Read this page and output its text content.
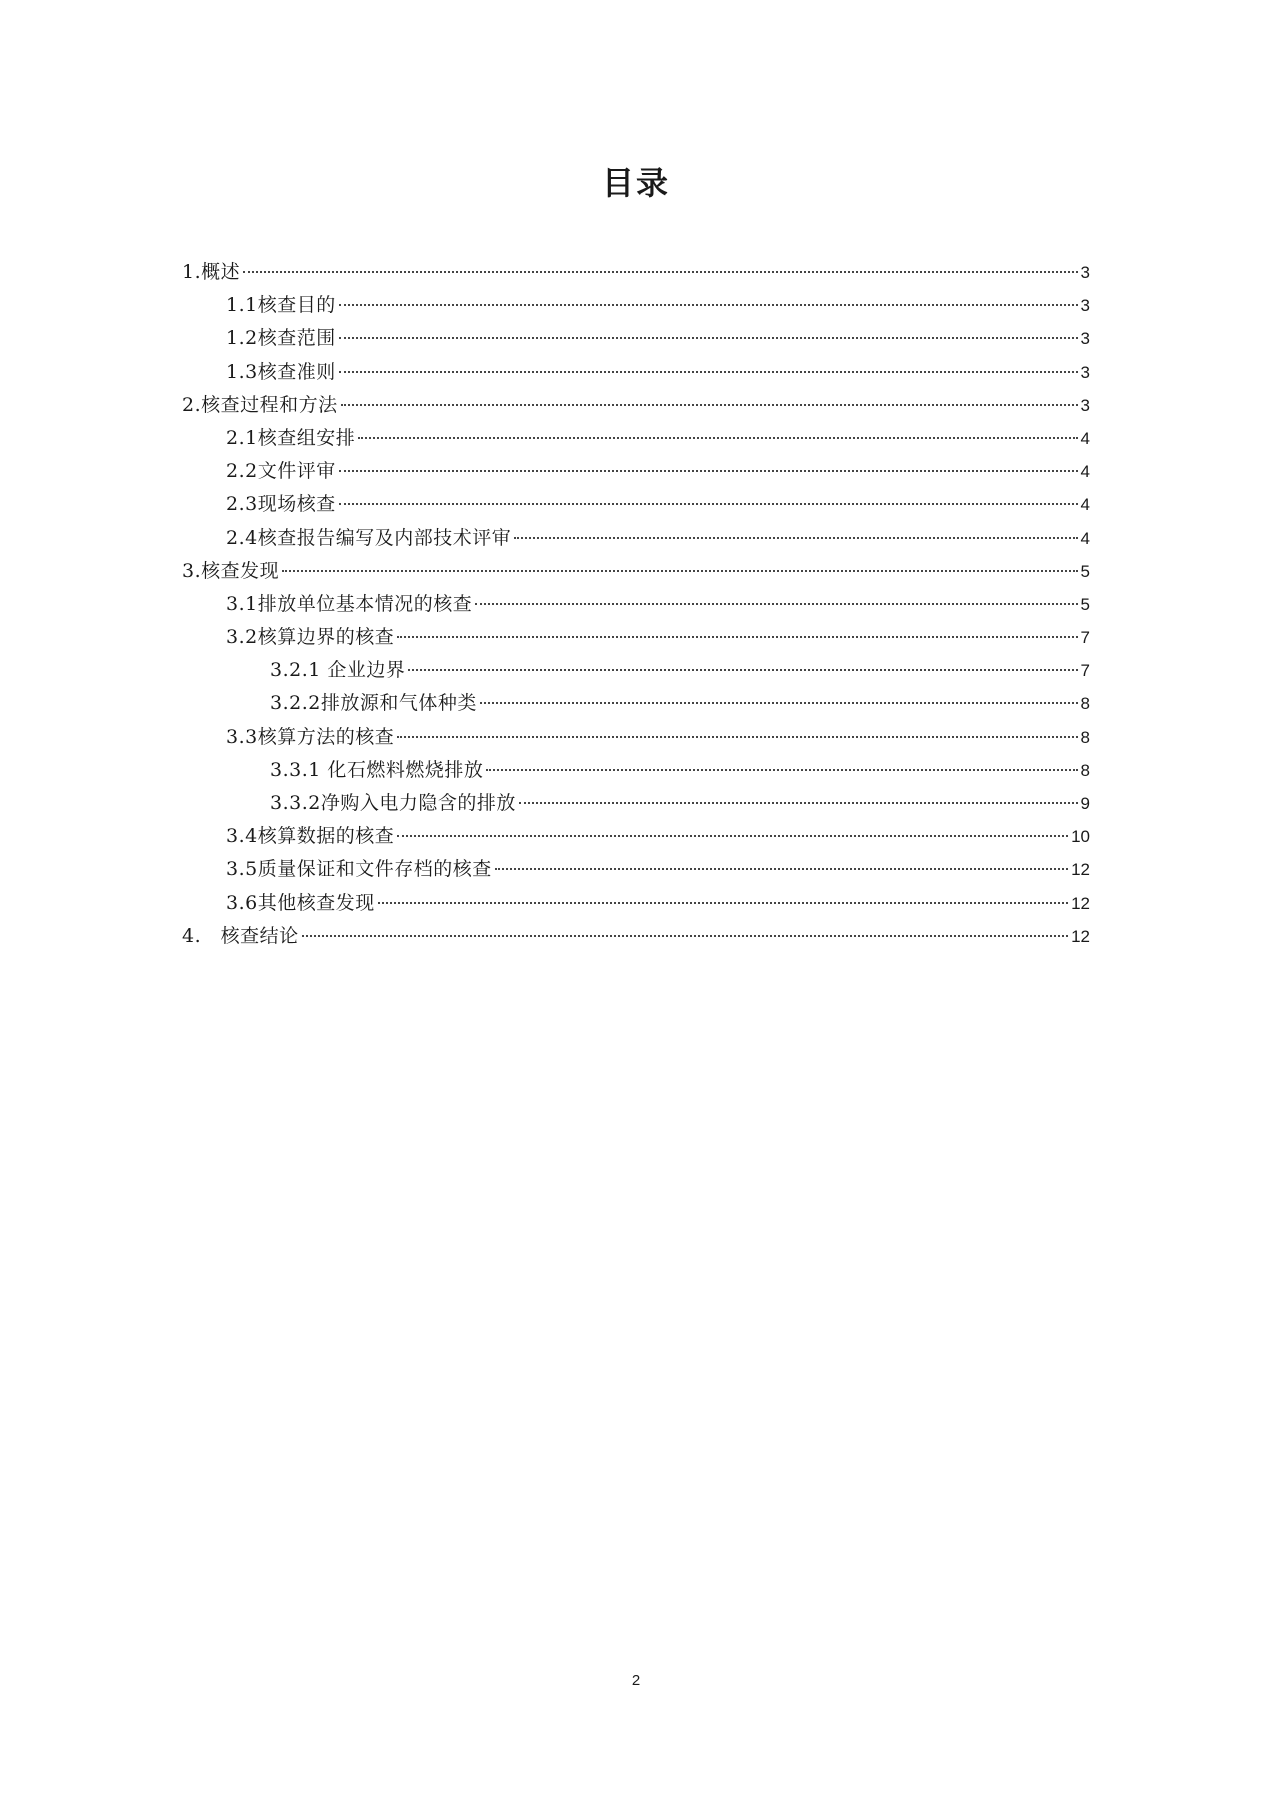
目录
1.概述	3
1.1核查目的	3
1.2核查范围	3
1.3核查准则	3
2.核查过程和方法	3
2.1核查组安排	4
2.2文件评审	4
2.3现场核查	4
2.4核查报告编写及内部技术评审	4
3.核查发现	5
3.1排放单位基本情况的核查	5
3.2核算边界的核查	7
3.2.1 企业边界	7
3.2.2排放源和气体种类	8
3.3核算方法的核查	8
3.3.1 化石燃料燃烧排放	8
3.3.2净购入电力隐含的排放	9
3.4核算数据的核查	10
3.5质量保证和文件存档的核查	12
3.6其他核查发现	12
4.　核查结论	12
2
